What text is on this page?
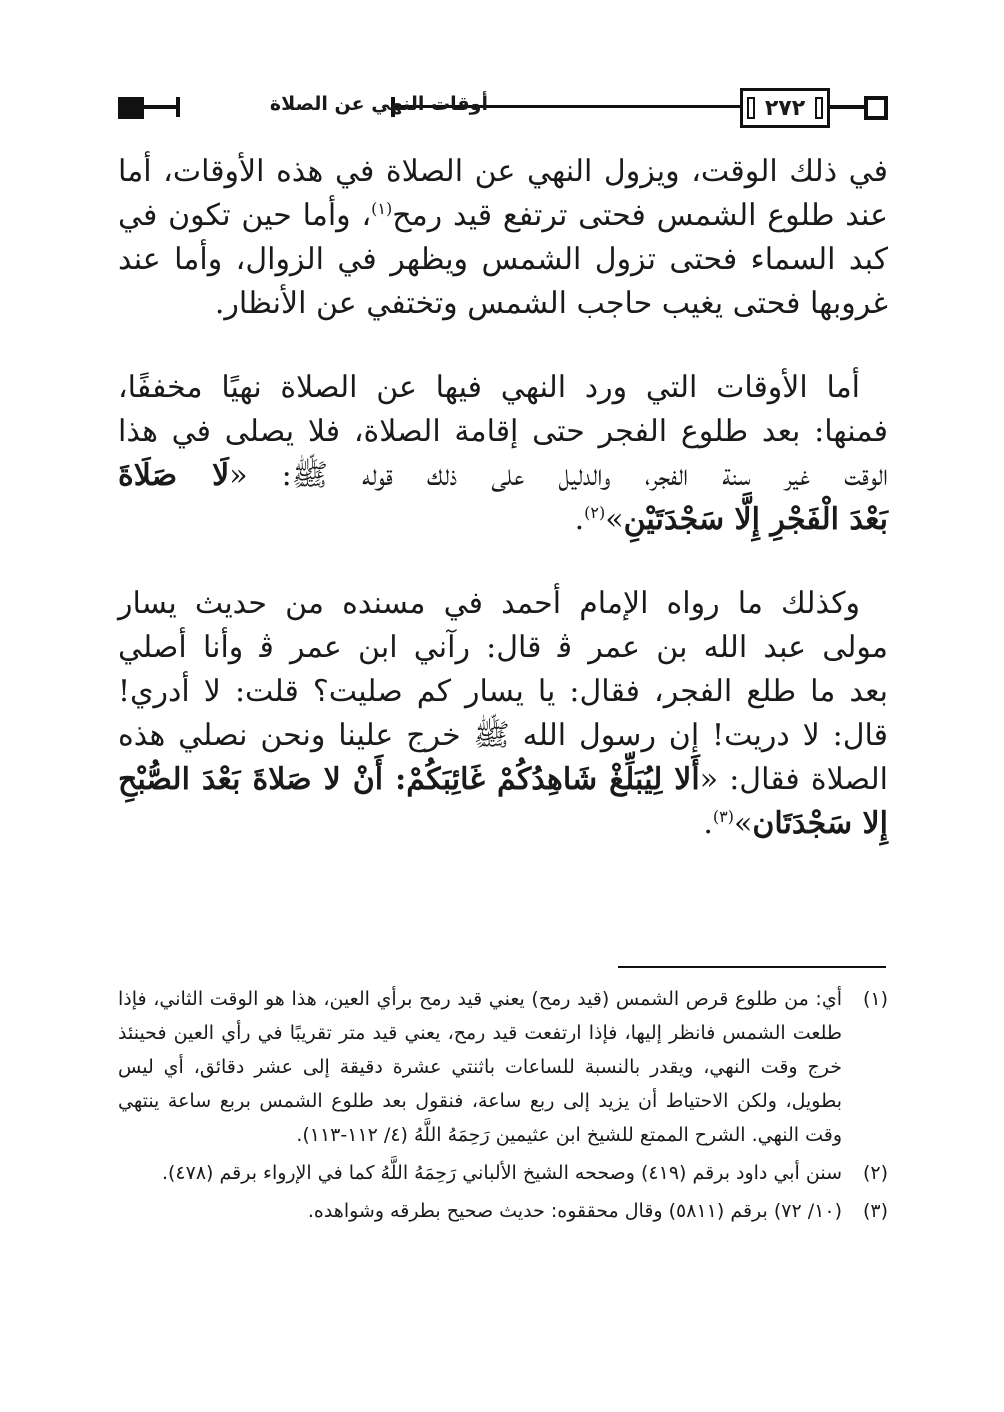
٢٧٢
أوقات النهي عن الصلاة

في ذلك الوقت، ويزول النهي عن الصلاة في هذه الأوقات، أما
عند طلوع الشمس فحتى ترتفع قيد رمح$^{(١)}$، وأما حين تكون في
كبد السماء فحتى تزول الشمس ويظهر في الزوال، وأما عند
غروبها فحتى يغيب حاجب الشمس وتختفي عن الأنظار.

أما الأوقات التي ورد النهي فيها عن الصلاة نهيًا مخففًا،
فمنها: بعد طلوع الفجر حتى إقامة الصلاة، فلا يصلى في هذا
الوقت غير سنة الفجر، والدليل على ذلك قوله ﷺ: «لَا صَلَاةَ
بَعْدَ الْفَجْرِ إِلَّا سَجْدَتَيْنِ»$^{(٢)}$.

وكذلك ما رواه الإمام أحمد في مسنده من حديث يسار
مولى عبد الله بن عمر ﭬ قال: رآني ابن عمر ﭬ وأنا أصلي
بعد ما طلع الفجر، فقال: يا يسار كم صليت؟ قلت: لا أدري!
قال: لا دريت! إن رسول الله ﷺ خرج علينا ونحن نصلي هذه
الصلاة فقال: «أَلا لِيُبَلِّغْ شَاهِدُكُمْ غَائِبَكُمْ: أَنْ لا صَلاةَ بَعْدَ الصُّبْحِ
إِلا سَجْدَتَان»$^{(٣)}$.

(١)
أي: من طلوع قرص الشمس (قيد رمح) يعني قيد رمح برأي العين، هذا هو الوقت الثاني، فإذا طلعت الشمس فانظر إليها، فإذا ارتفعت قيد رمح، يعني قيد متر تقريبًا في رأي العين فحينئذ خرج وقت النهي، ويقدر بالنسبة للساعات باثنتي عشرة دقيقة إلى عشر دقائق، أي ليس بطويل، ولكن الاحتياط أن يزيد إلى ربع ساعة، فنقول بعد طلوع الشمس بربع ساعة ينتهي وقت النهي. الشرح الممتع للشيخ ابن عثيمين رَحِمَهُ اللَّهُ (٤/ ١١٢-١١٣).
(٢)
سنن أبي داود برقم (٤١٩) وصححه الشيخ الألباني رَحِمَهُ اللَّهُ كما في الإرواء برقم (٤٧٨).
(٣)
(١٠/ ٧٢) برقم (٥٨١١) وقال محققوه: حديث صحيح بطرقه وشواهده.
